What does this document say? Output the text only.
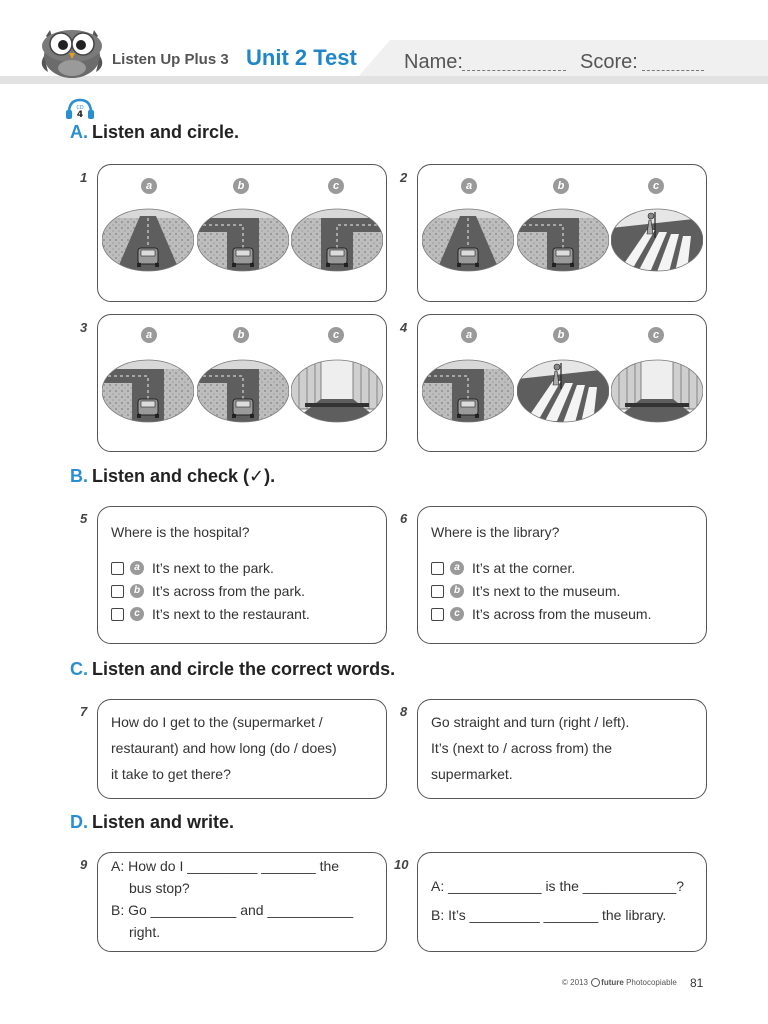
Listen Up Plus 3 Unit 2 Test Name:	Score:
CD
4
A. Listen and circle.
1
a	b	c
2
a	b	c
3	a	b	c	4	a	b	c
B. Listen and check (✓).
5
Where is the hospital?
a It’s next to the park.
b It’s across from the park.
c It’s next to the restaurant.
6
Where is the library?
a It’s at the corner.
b It’s next to the museum.
c It’s across from the museum.
C. Listen and circle the correct words.
7
How do I get to the (supermarket /
restaurant) and how long (do / does)
it take to get there?
8
Go straight and turn (right / left).
It’s (next to / across from) the
supermarket.
D. Listen and write.
9 A: How do I _________ _______ the
bus stop?
B: Go ___________ and ___________
right.
10
A: ____________ is the ____________?
B: It’s _________ _______ the library.
© 2013 future Photocopiable 81
